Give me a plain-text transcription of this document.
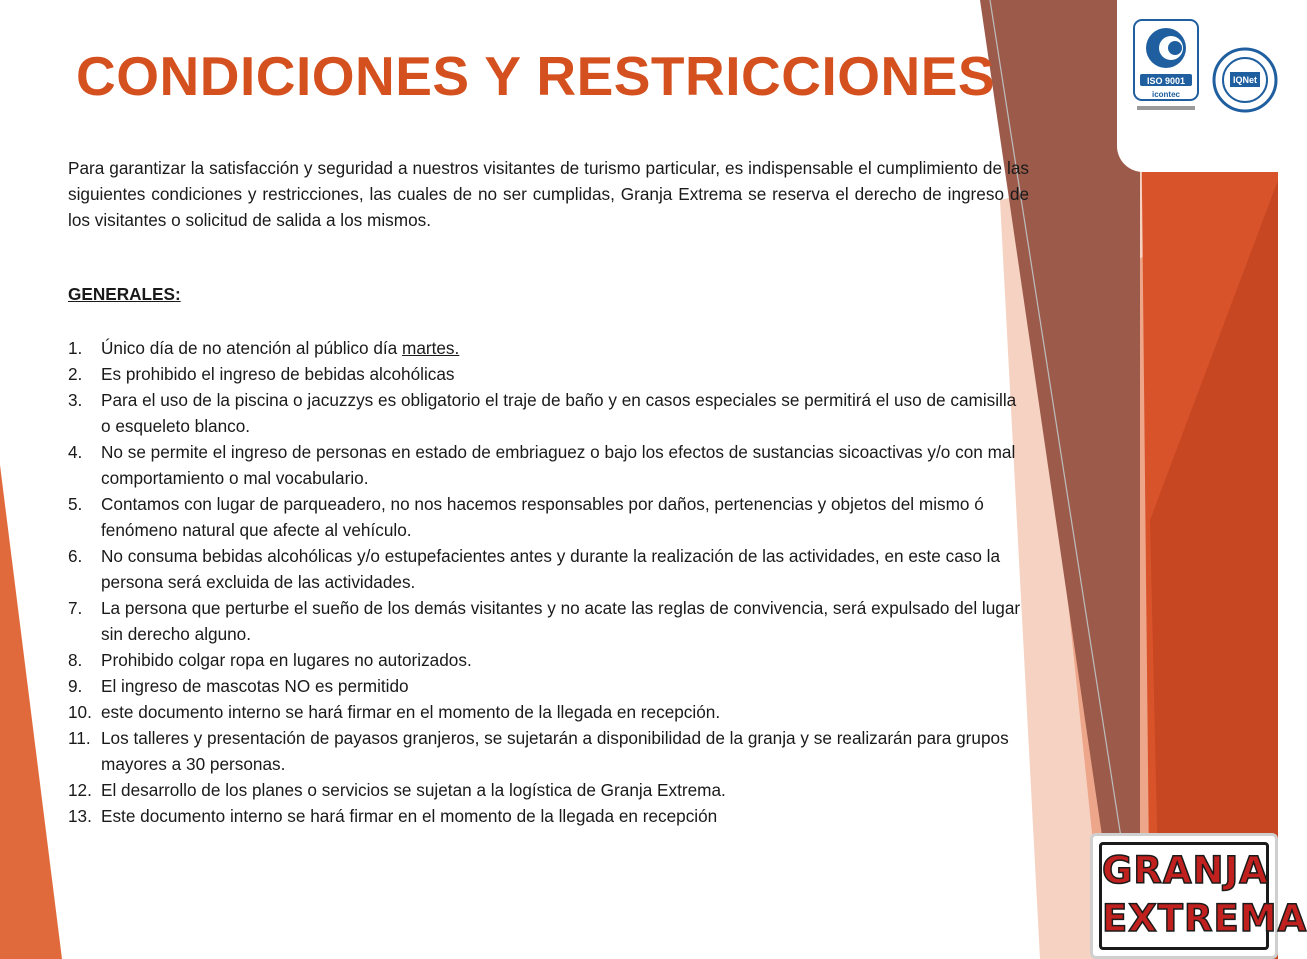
CONDICIONES Y RESTRICCIONES

Para garantizar la satisfacción y seguridad a nuestros visitantes de turismo particular, es indispensable el cumplimiento de las siguientes condiciones y restricciones, las cuales de no ser cumplidas, Granja Extrema se reserva el derecho de ingreso de los visitantes o solicitud de salida a los mismos.

GENERALES:

1. Único día de no atención al público día martes.
2. Es prohibido el ingreso de bebidas alcohólicas
3. Para el uso de la piscina o jacuzzys es obligatorio el traje de baño y en casos especiales se permitirá el uso de camisilla o esqueleto blanco.
4. No se permite el ingreso de personas en estado de embriaguez o bajo los efectos de sustancias sicoactivas y/o con mal comportamiento o mal vocabulario.
5. Contamos con lugar de parqueadero, no nos hacemos responsables por daños, pertenencias y objetos del mismo ó fenómeno natural que afecte al vehículo.
6. No consuma bebidas alcohólicas y/o estupefacientes antes y durante la realización de las actividades, en este caso la persona será excluida de las actividades.
7. La persona que perturbe el sueño de los demás visitantes y no acate las reglas de convivencia, será expulsado del lugar sin derecho alguno.
8. Prohibido colgar ropa en lugares no autorizados.
9. El ingreso de mascotas NO es permitido
10. este documento interno se hará firmar en el momento de la llegada en recepción.
11. Los talleres y presentación de payasos granjeros, se sujetarán a disponibilidad de la granja y se realizarán para grupos mayores a 30 personas.
12. El desarrollo de los planes o servicios se sujetan a la logística de Granja Extrema.
13. Este documento interno se hará firmar en el momento de la llegada en recepción
ISO 9001
icontec
IQNet
GRANJA
EXTREMA
